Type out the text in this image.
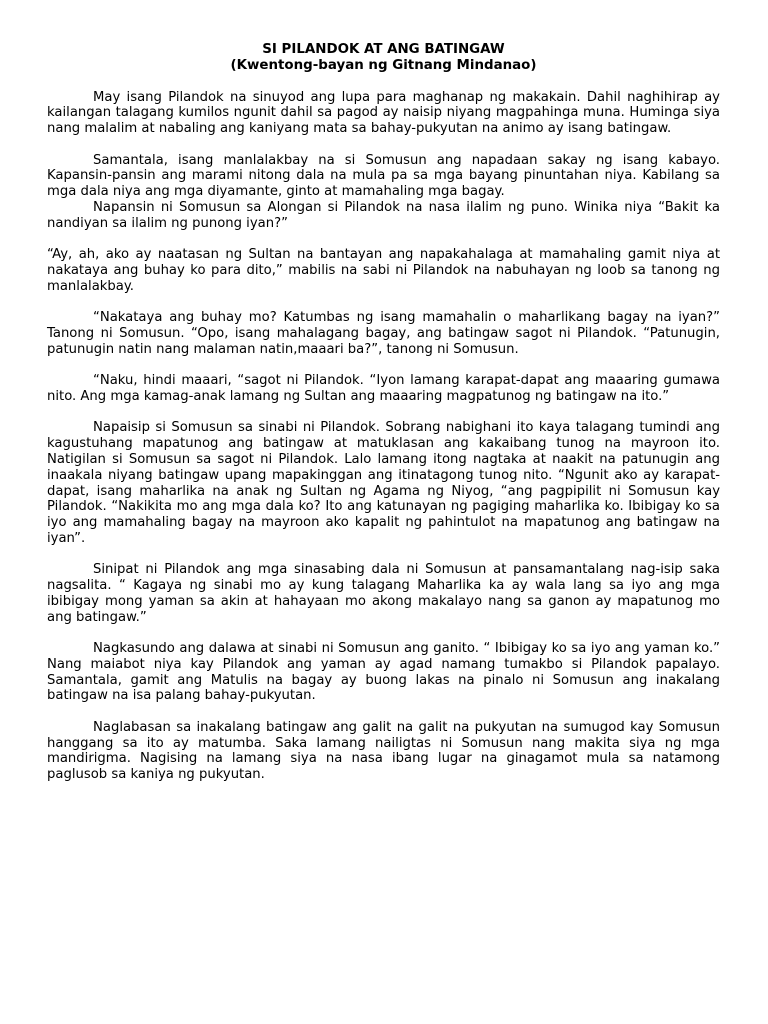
SI PILANDOK AT ANG BATINGAW

(Kwentong-bayan ng Gitnang Mindanao)

May isang Pilandok na sinuyod ang lupa para maghanap ng makakain. Dahil naghihirap ay kailangan talagang kumilos ngunit dahil sa pagod ay naisip niyang magpahinga muna. Huminga siya nang malalim at nabaling ang kaniyang mata sa bahay-pukyutan na animo ay isang batingaw.

Samantala, isang manlalakbay na si Somusun ang napadaan sakay ng isang kabayo. Kapansin-pansin ang marami nitong dala na mula pa sa mga bayang pinuntahan niya. Kabilang sa mga dala niya ang mga diyamante, ginto at mamahaling mga bagay.

Napansin ni Somusun sa Alongan si Pilandok na nasa ilalim ng puno. Winika niya “Bakit ka nandiyan sa ilalim ng punong iyan?”

“Ay, ah, ako ay naatasan ng Sultan na bantayan ang napakahalaga at mamahaling gamit niya at nakataya ang buhay ko para dito,” mabilis na sabi ni Pilandok na nabuhayan ng loob sa tanong ng manlalakbay.

“Nakataya ang buhay mo? Katumbas ng isang mamahalin o maharlikang bagay na iyan?” Tanong ni Somusun. “Opo, isang mahalagang bagay, ang batingaw sagot ni Pilandok. “Patunugin, patunugin natin nang malaman natin,maaari ba?”, tanong ni Somusun.

“Naku, hindi maaari, “sagot ni Pilandok. “Iyon lamang karapat-dapat ang maaaring gumawa nito. Ang mga kamag-anak lamang ng Sultan ang maaaring magpatunog ng batingaw na ito.”

Napaisip si Somusun sa sinabi ni Pilandok. Sobrang nabighani ito kaya talagang tumindi ang kagustuhang mapatunog ang batingaw at matuklasan ang kakaibang tunog na mayroon ito. Natigilan si Somusun sa sagot ni Pilandok. Lalo lamang itong nagtaka at naakit na patunugin ang inaakala niyang batingaw upang mapakinggan ang itinatagong tunog nito. “Ngunit ako ay karapat-dapat, isang maharlika na anak ng Sultan ng Agama ng Niyog, “ang pagpipilit ni Somusun kay Pilandok. “Nakikita mo ang mga dala ko? Ito ang katunayan ng pagiging maharlika ko. Ibibigay ko sa iyo ang mamahaling bagay na mayroon ako kapalit ng pahintulot na mapatunog ang batingaw na iyan”.

Sinipat ni Pilandok ang mga sinasabing dala ni Somusun at pansamantalang nag-isip saka nagsalita. “ Kagaya ng sinabi mo ay kung talagang Maharlika ka ay wala lang sa iyo ang mga ibibigay mong yaman sa akin at hahayaan mo akong makalayo nang sa ganon ay mapatunog mo ang batingaw.”

Nagkasundo ang dalawa at sinabi ni Somusun ang ganito. “ Ibibigay ko sa iyo ang yaman ko.” Nang maiabot niya kay Pilandok ang yaman ay agad namang tumakbo si Pilandok papalayo. Samantala, gamit ang Matulis na bagay ay buong lakas na pinalo ni Somusun ang inakalang batingaw na isa palang bahay-pukyutan.

Naglabasan sa inakalang batingaw ang galit na galit na pukyutan na sumugod kay Somusun hanggang sa ito ay matumba. Saka lamang nailigtas ni Somusun nang makita siya ng mga mandirigma. Nagising na lamang siya na nasa ibang lugar na ginagamot mula sa natamong paglusob sa kaniya ng pukyutan.
